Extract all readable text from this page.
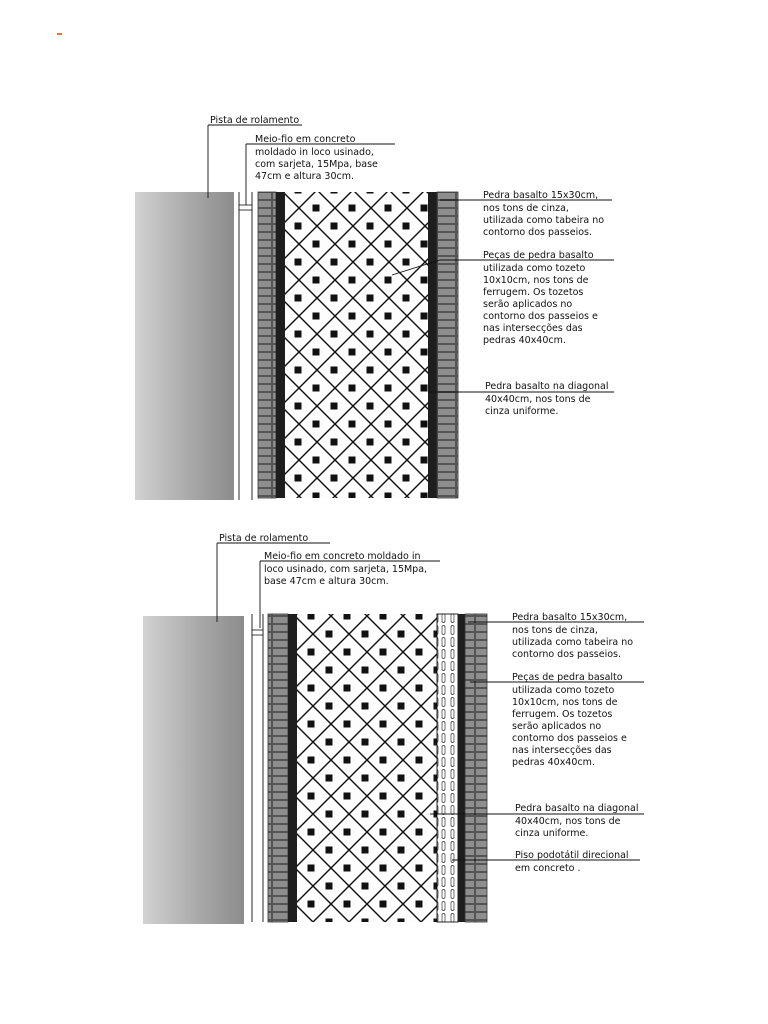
Pista de rolamento
Meio-fio em concreto
moldado in loco usinado,
com sarjeta, 15Mpa, base
47cm e altura 30cm.
Pedra basalto 15x30cm,
nos tons de cinza,
utilizada como tabeira no
contorno dos passeios.
Peças de pedra basalto
utilizada como tozeto
10x10cm, nos tons de
ferrugem. Os tozetos
serão aplicados no
contorno dos passeios e
nas intersecções das
pedras 40x40cm.
Pedra basalto na diagonal
40x40cm, nos tons de
cinza uniforme.
Pista de rolamento
Meio-fio em concreto moldado in
loco usinado, com sarjeta, 15Mpa,
base 47cm e altura 30cm.
Pedra basalto 15x30cm,
nos tons de cinza,
utilizada como tabeira no
contorno dos passeios.
Peças de pedra basalto
utilizada como tozeto
10x10cm, nos tons de
ferrugem. Os tozetos
serão aplicados no
contorno dos passeios e
nas intersecções das
pedras 40x40cm.
Pedra basalto na diagonal
40x40cm, nos tons de
cinza uniforme.
Piso podotátil direcional
em concreto .
